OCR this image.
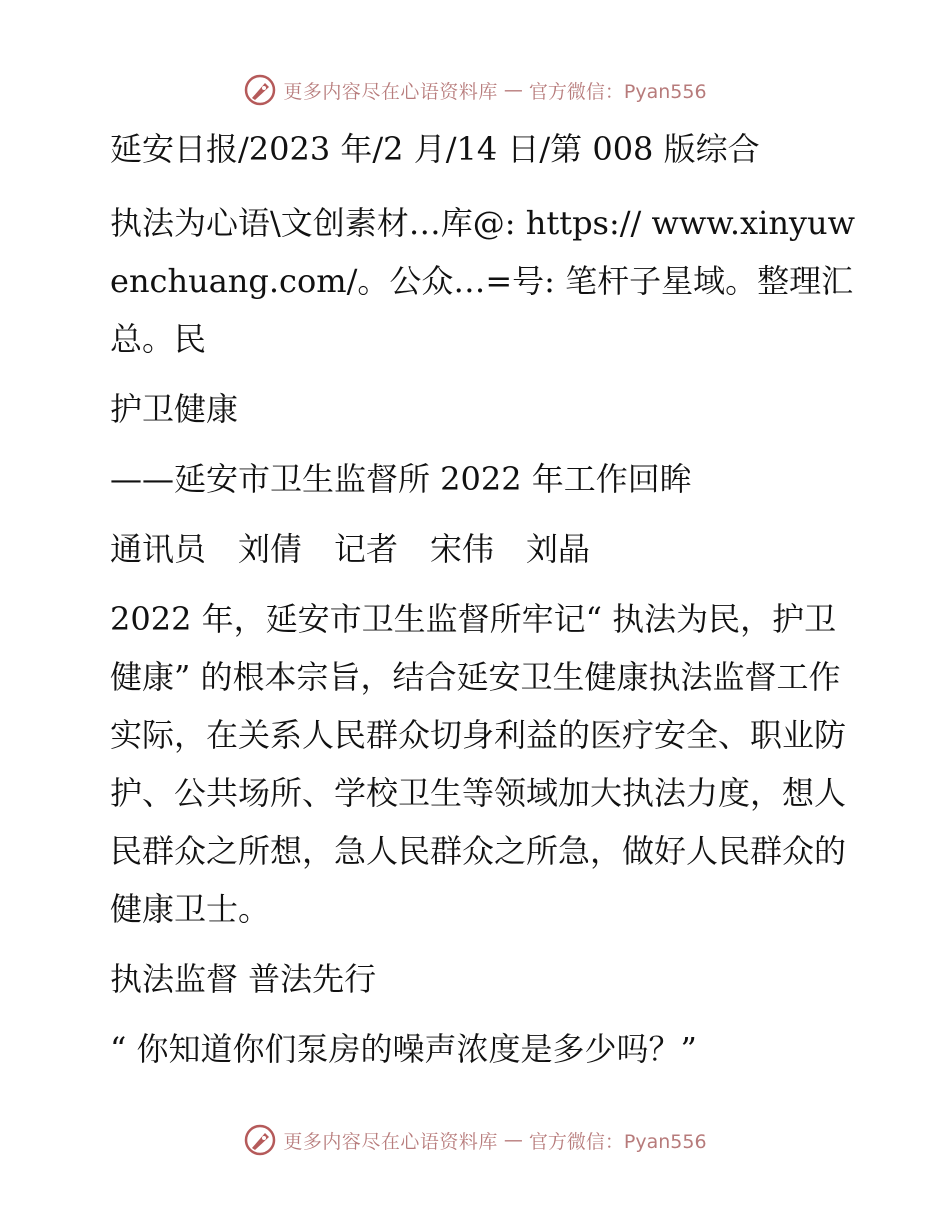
更多内容尽在心语资料库 — 官方微信：Pyan556

延安日报/2023 年/2 月/14 日/第 008 版综合

执法为心语\文创素材…库@: https:// www.xinyuwenchuang.com/。公众…=号: 笔杆子星域。整理汇总。民

护卫健康

——延安市卫生监督所 2022 年工作回眸

通讯员　刘倩　记者　宋伟　刘晶

2022 年，延安市卫生监督所牢记“ 执法为民，护卫健康” 的根本宗旨，结合延安卫生健康执法监督工作实际，在关系人民群众切身利益的医疗安全、职业防护、公共场所、学校卫生等领域加大执法力度，想人民群众之所想，急人民群众之所急，做好人民群众的健康卫士。

执法监督 普法先行

“ 你知道你们泵房的噪声浓度是多少吗？”

更多内容尽在心语资料库 — 官方微信：Pyan556
